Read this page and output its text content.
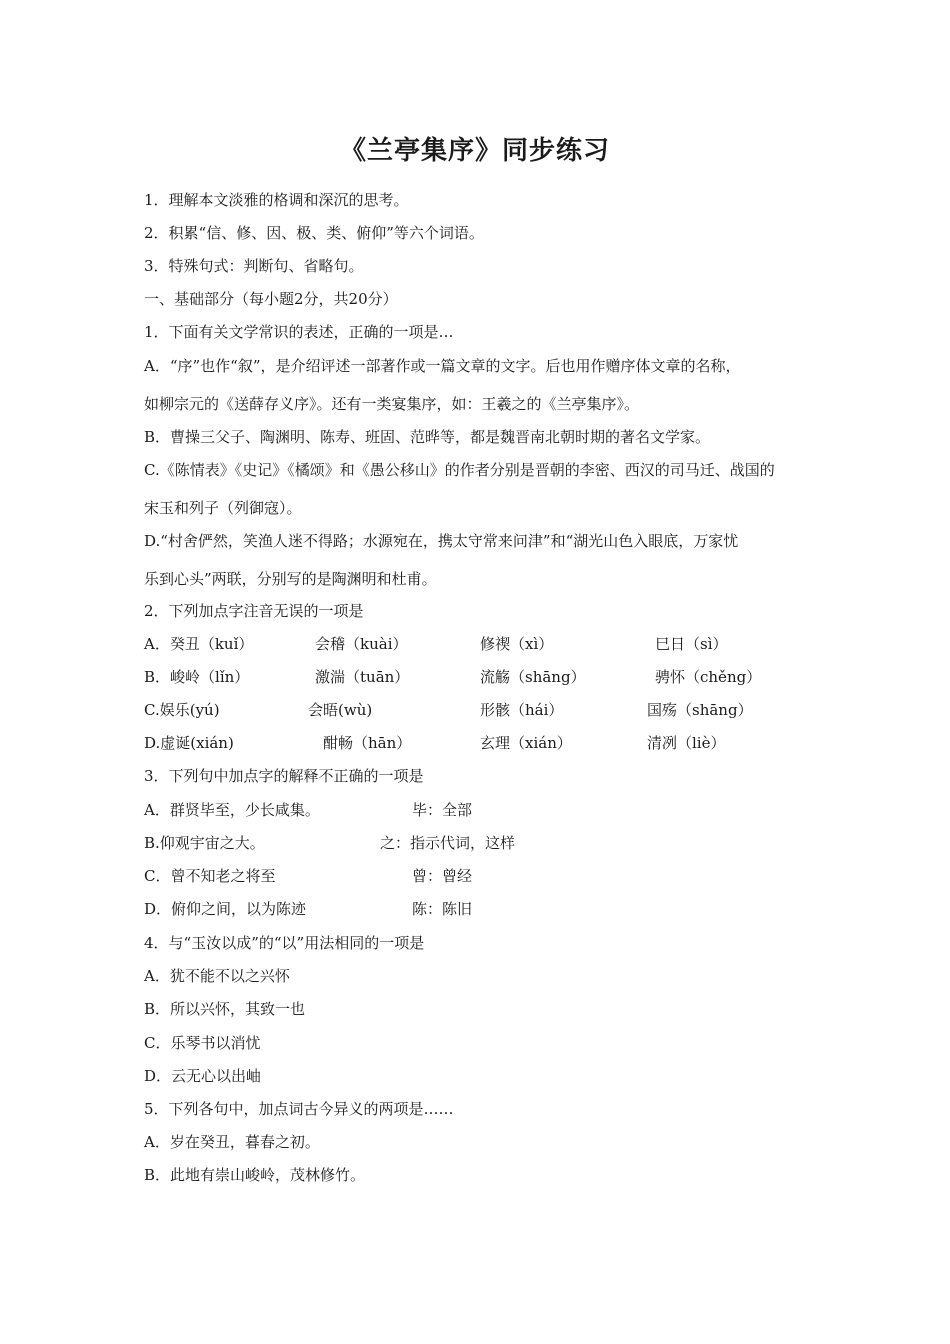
《兰亭集序》同步练习
1．理解本文淡雅的格调和深沉的思考。
2．积累“信、修、因、极、类、俯仰”等六个词语。
3．特殊句式：判断句、省略句。
一、基础部分（每小题2分，共20分）
1．下面有关文学常识的表述，正确的一项是…
A．“序”也作“叙”，是介绍评述一部著作或一篇文章的文字。后也用作赠序体文章的名称，
如柳宗元的《送薛存义序》。还有一类宴集序，如：王羲之的《兰亭集序》。
B．曹操三父子、陶渊明、陈寿、班固、范晔等，都是魏晋南北朝时期的著名文学家。
C.《陈情表》《史记》《橘颂》和《愚公移山》的作者分别是晋朝的李密、西汉的司马迁、战国的
宋玉和列子（列御寇）。
D.“村舍俨然，笑渔人迷不得路；水源宛在，携太守常来问津”和“湖光山色入眼底，万家忧
乐到心头”两联，分别写的是陶渊明和杜甫。
2．下列加点字注音无误的一项是
A．癸丑（kuǐ）	会稽（kuài）	修禊（xì）	巳日（sì）
B．峻岭（lǐn）	激湍（tuān）	流觞（shāng）	骋怀（chěng）
C.娱乐(yú)	会晤(wù)	形骸（hái）	国殇（shāng）
D.虚诞(xián)	酣畅（hān）	玄理（xián）	清冽（liè）
3．下列句中加点字的解释不正确的一项是
A．群贤毕至，少长咸集。	毕：全部
B.仰观宇宙之大。	之：指示代词，这样
C．曾不知老之将至	曾：曾经
D．俯仰之间，以为陈迹	陈：陈旧
4．与“玉汝以成”的“以”用法相同的一项是
A．犹不能不以之兴怀
B．所以兴怀，其致一也
C．乐琴书以消忧
D．云无心以出岫
5．下列各句中，加点词古今异义的两项是……
A．岁在癸丑，暮春之初。
B．此地有崇山峻岭，茂林修竹。
